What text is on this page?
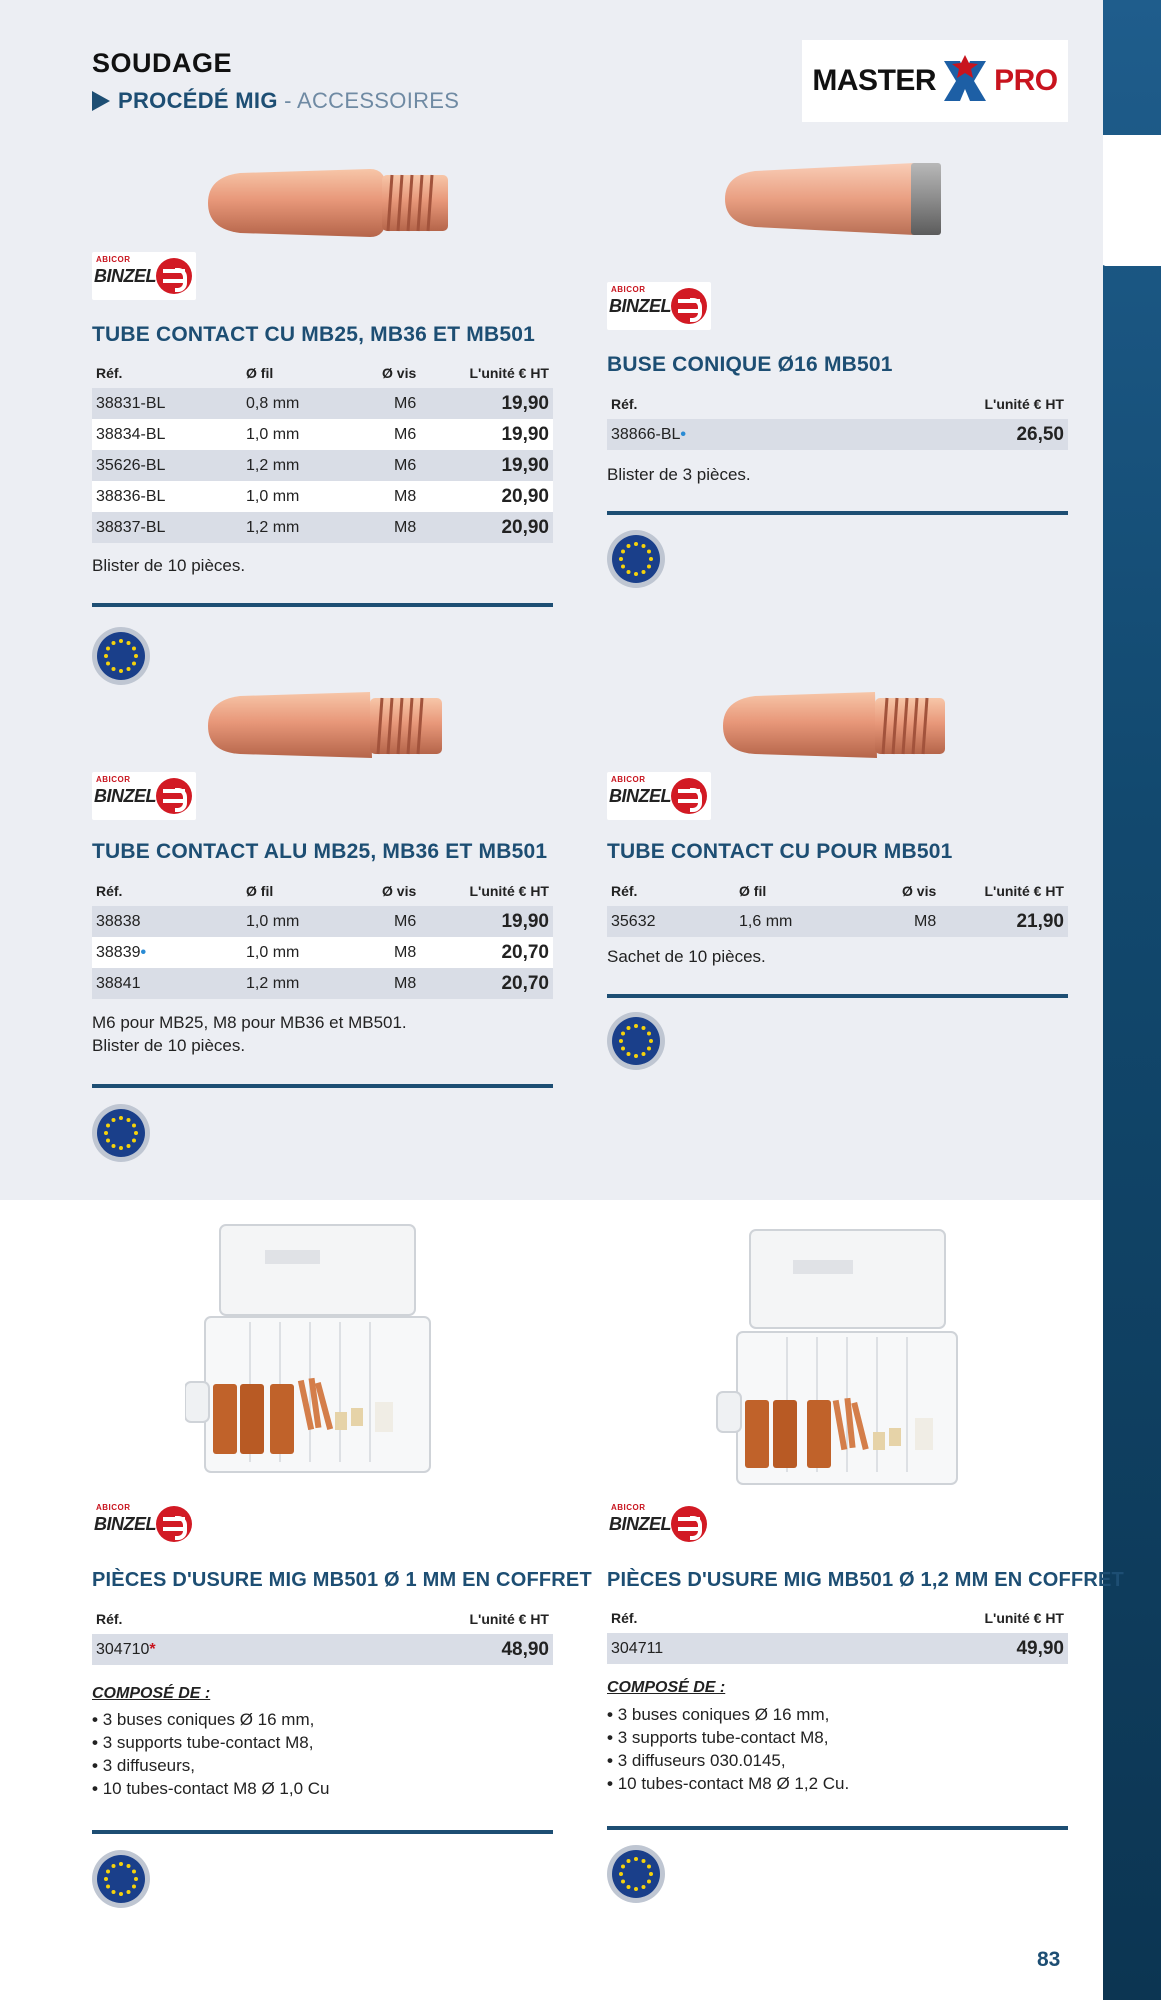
SOUDAGE
PROCÉDÉ MIG - ACCESSOIRES
MASTER PRO
ABICOR
BINZEL
TUBE CONTACT CU MB25, MB36 ET MB501
Réf.	Ø fil	Ø vis	L'unité € HT
38831-BL	0,8 mm	M6	19,90
38834-BL	1,0 mm	M6	19,90
35626-BL	1,2 mm	M6	19,90
38836-BL	1,0 mm	M8	20,90
38837-BL	1,2 mm	M8	20,90
Blister de 10 pièces.
ABICOR
BINZEL
BUSE CONIQUE Ø16 MB501
Réf.	L'unité € HT
38866-BL•	26,50
Blister de 3 pièces.
ABICOR
BINZEL
TUBE CONTACT ALU MB25, MB36 ET MB501
Réf.	Ø fil	Ø vis	L'unité € HT
38838	1,0 mm	M6	19,90
38839•	1,0 mm	M8	20,70
38841	1,2 mm	M8	20,70
M6 pour MB25, M8 pour MB36 et MB501.
Blister de 10 pièces.
ABICOR
BINZEL
TUBE CONTACT CU POUR MB501
Réf.	Ø fil	Ø vis	L'unité € HT
35632	1,6 mm	M8	21,90
Sachet de 10 pièces.
ABICOR
BINZEL
PIÈCES D'USURE MIG MB501 Ø 1 MM EN COFFRET
Réf.	L'unité € HT
304710*	48,90
COMPOSÉ DE :
• 3 buses coniques Ø 16 mm,
• 3 supports tube-contact M8,
• 3 diffuseurs,
• 10 tubes-contact M8 Ø 1,0 Cu
ABICOR
BINZEL
PIÈCES D'USURE MIG MB501 Ø 1,2 MM EN COFFRET
Réf.	L'unité € HT
304711	49,90
COMPOSÉ DE :
• 3 buses coniques Ø 16 mm,
• 3 supports tube-contact M8,
• 3 diffuseurs 030.0145,
• 10 tubes-contact M8 Ø 1,2 Cu.
83
